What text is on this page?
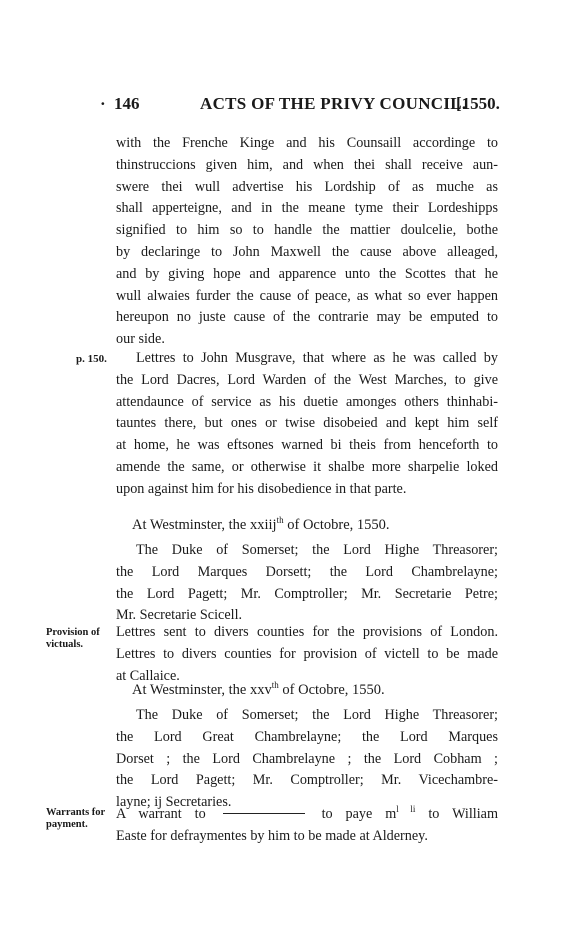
· 146	ACTS OF THE PRIVY COUNCIL.
[1550.
with the Frenche Kinge and his Counsaill accordinge to
thinstruccions given him, and when thei shall receive aun-
swere thei wull advertise his Lordship of as muche as
shall apperteigne, and in the meane tyme their Lordeshipps
signified to him so to handle the mattier doulcelie, bothe
by declaringe to John Maxwell the cause above alleaged,
and by giving hope and apparence unto the Scottes that he
wull alwaies furder the cause of peace, as what so ever happen
hereupon no juste cause of the contrarie may be emputed to
our side.
p. 150.	Lettres to John Musgrave, that where as he was called by
the Lord Dacres, Lord Warden of the West Marches, to give
attendaunce of service as his duetie amonges others thinhabi-
tauntes there, but ones or twise disobeied and kept him self
at home, he was eftsones warned bi theis from henceforth to
amende the same, or otherwise it shalbe more sharpelie loked
upon against him for his disobedience in that parte.
At Westminster, the xxiij$^{th}$ of Octobre, 1550.
The Duke of Somerset; the Lord Highe Threasorer;
the Lord Marques Dorsett; the Lord Chambrelayne;
the Lord Pagett; Mr. Comptroller; Mr. Secretarie Petre;
Mr. Secretarie Scicell.
Provision of victuals.
Lettres sent to divers counties for the provisions of London.
Lettres to divers counties for provision of victell to be made
at Callaice.
At Westminster, the xxv$^{th}$ of Octobre, 1550.
The Duke of Somerset; the Lord Highe Threasorer;
the Lord Great Chambrelayne; the Lord Marques
Dorset ; the Lord Chambrelayne ; the Lord Cobham ;
the Lord Pagett; Mr. Comptroller; Mr. Vicechambre-
layne; ij Secretaries.
Warrants for payment.
A warrant to	to paye $m^{l li}$ to William
Easte for defraymentes by him to be made at Alderney.
